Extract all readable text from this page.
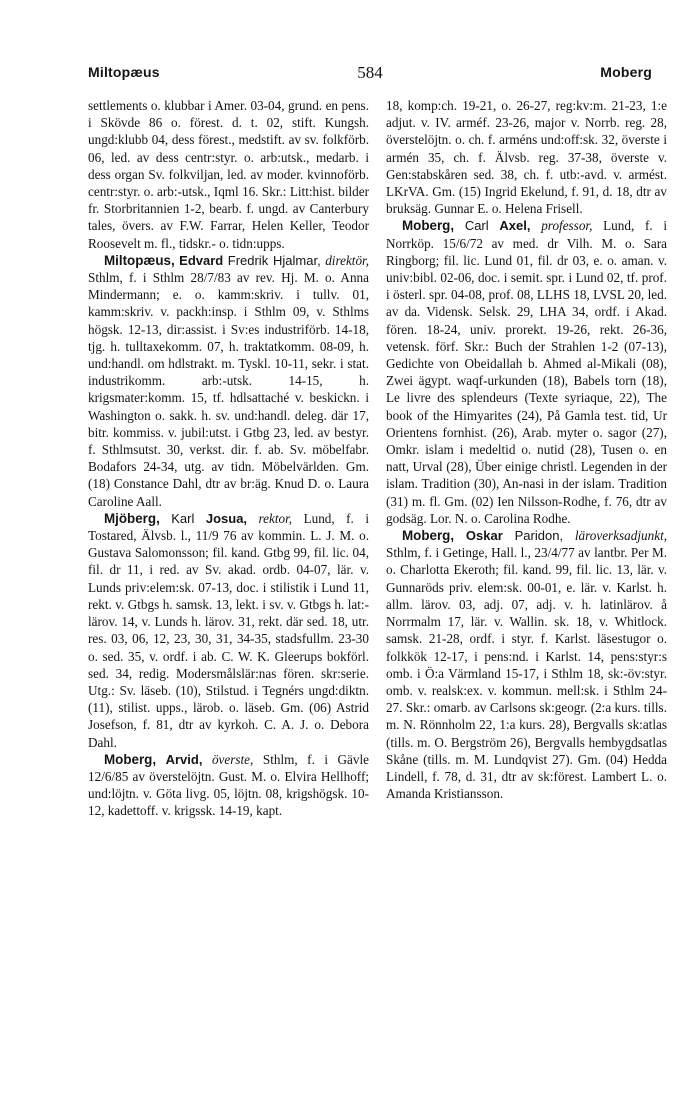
Miltopæus	584	Moberg

settlements o. klubbar i Amer. 03-04, grund. en pens. i Skövde 86 o. förest. d. t. 02, stift. Kungsh. ungd:klubb 04, dess förest., medstift. av sv. folkförb. 06, led. av dess centr:styr. o. arb:utsk., medarb. i dess organ Sv. folkviljan, led. av moder. kvinnoförb. centr:styr. o. arb:-utsk., Iqml 16. Skr.: Litt:hist. bilder fr. Storbritannien 1-2, bearb. f. ungd. av Canterbury tales, övers. av F.W. Farrar, Helen Keller, Teodor Roosevelt m. fl., tidskr.- o. tidn:upps.

Miltopæus, Edvard Fredrik Hjalmar, direktör, Sthlm, f. i Sthlm 28/7/83 av rev. Hj. M. o. Anna Mindermann; e. o. kamm:skriv. i tullv. 01, kamm:skriv. v. packh:insp. i Sthlm 09, v. Sthlms högsk. 12-13, dir:assist. i Sv:es industriförb. 14-18, tjg. h. tulltaxekomm. 07, h. traktatkomm. 08-09, h. und:handl. om hdlstrakt. m. Tyskl. 10-11, sekr. i stat. industrikomm. arb:-utsk. 14-15, h. krigsmater:komm. 15, tf. hdlsattaché v. beskickn. i Washington o. sakk. h. sv. und:handl. deleg. där 17, bitr. kommiss. v. jubil:utst. i Gtbg 23, led. av bestyr. f. Sthlmsutst. 30, verkst. dir. f. ab. Sv. möbelfabr. Bodafors 24-34, utg. av tidn. Möbelvärlden. Gm. (18) Constance Dahl, dtr av br:äg. Knud D. o. Laura Caroline Aall.

Mjöberg, Karl Josua, rektor, Lund, f. i Tostared, Älvsb. l., 11/9 76 av kommin. L. J. M. o. Gustava Salomonsson; fil. kand. Gtbg 99, fil. lic. 04, fil. dr 11, i red. av Sv. akad. ordb. 04-07, lär. v. Lunds priv:elem:sk. 07-13, doc. i stilistik i Lund 11, rekt. v. Gtbgs h. samsk. 13, lekt. i sv. v. Gtbgs h. lat:-lärov. 14, v. Lunds h. lärov. 31, rekt. där sed. 18, utr. res. 03, 06, 12, 23, 30, 31, 34-35, stadsfullm. 23-30 o. sed. 35, v. ordf. i ab. C. W. K. Gleerups bokförl. sed. 34, redig. Modersmålslär:nas fören. skr:serie. Utg.: Sv. läseb. (10), Stilstud. i Tegnérs ungd:diktn. (11), stilist. upps., lärob. o. läseb. Gm. (06) Astrid Josefson, f. 81, dtr av kyrkoh. C. A. J. o. Debora Dahl.

Moberg, Arvid, överste, Sthlm, f. i Gävle 12/6/85 av överstelöjtn. Gust. M. o. Elvira Hellhoff; und:löjtn. v. Göta livg. 05, löjtn. 08, krigshögsk. 10-12, kadettoff. v. krigssk. 14-19, kapt.

18, komp:ch. 19-21, o. 26-27, reg:kv:m. 21-23, 1:e adjut. v. IV. arméf. 23-26, major v. Norrb. reg. 28, överstelöjtn. o. ch. f. arméns und:off:sk. 32, överste i armén 35, ch. f. Älvsb. reg. 37-38, överste v. Gen:stabskåren sed. 38, ch. f. utb:-avd. v. armést. LKrVA. Gm. (15) Ingrid Ekelund, f. 91, d. 18, dtr av bruksäg. Gunnar E. o. Helena Frisell.

Moberg, Carl Axel, professor, Lund, f. i Norrköp. 15/6/72 av med. dr Vilh. M. o. Sara Ringborg; fil. lic. Lund 01, fil. dr 03, e. o. aman. v. univ:bibl. 02-06, doc. i semit. spr. i Lund 02, tf. prof. i österl. spr. 04-08, prof. 08, LLHS 18, LVSL 20, led. av da. Vidensk. Selsk. 29, LHA 34, ordf. i Akad. fören. 18-24, univ. prorekt. 19-26, rekt. 26-36, vetensk. förf. Skr.: Buch der Strahlen 1-2 (07-13), Gedichte von Obeidallah b. Ahmed al-Mikali (08), Zwei ägypt. waqf-urkunden (18), Babels torn (18), Le livre des splendeurs (Texte syriaque, 22), The book of the Himyarites (24), På Gamla test. tid, Ur Orientens fornhist. (26), Arab. myter o. sagor (27), Omkr. islam i medeltid o. nutid (28), Tusen o. en natt, Urval (28), Über einige christl. Legenden in der islam. Tradition (30), An-nasi in der islam. Tradition (31) m. fl. Gm. (02) Ien Nilsson-Rodhe, f. 76, dtr av godsäg. Lor. N. o. Carolina Rodhe.

Moberg, Oskar Paridon, läroverksadjunkt, Sthlm, f. i Getinge, Hall. l., 23/4/77 av lantbr. Per M. o. Charlotta Ekeroth; fil. kand. 99, fil. lic. 13, lär. v. Gunnaröds priv. elem:sk. 00-01, e. lär. v. Karlst. h. allm. lärov. 03, adj. 07, adj. v. h. latinlärov. å Norrmalm 17, lär. v. Wallin. sk. 18, v. Whitlock. samsk. 21-28, ordf. i styr. f. Karlst. läsestugor o. folkkök 12-17, i pens:nd. i Karlst. 14, pens:styr:s omb. i Ö:a Värmland 15-17, i Sthlm 18, sk:-öv:styr. omb. v. realsk:ex. v. kommun. mell:sk. i Sthlm 24-27. Skr.: omarb. av Carlsons sk:geogr. (2:a kurs. tills. m. N. Rönnholm 22, 1:a kurs. 28), Bergvalls sk:atlas (tills. m. O. Bergström 26), Bergvalls hembygdsatlas Skåne (tills. m. M. Lundqvist 27). Gm. (04) Hedda Lindell, f. 78, d. 31, dtr av sk:förest. Lambert L. o. Amanda Kristiansson.
